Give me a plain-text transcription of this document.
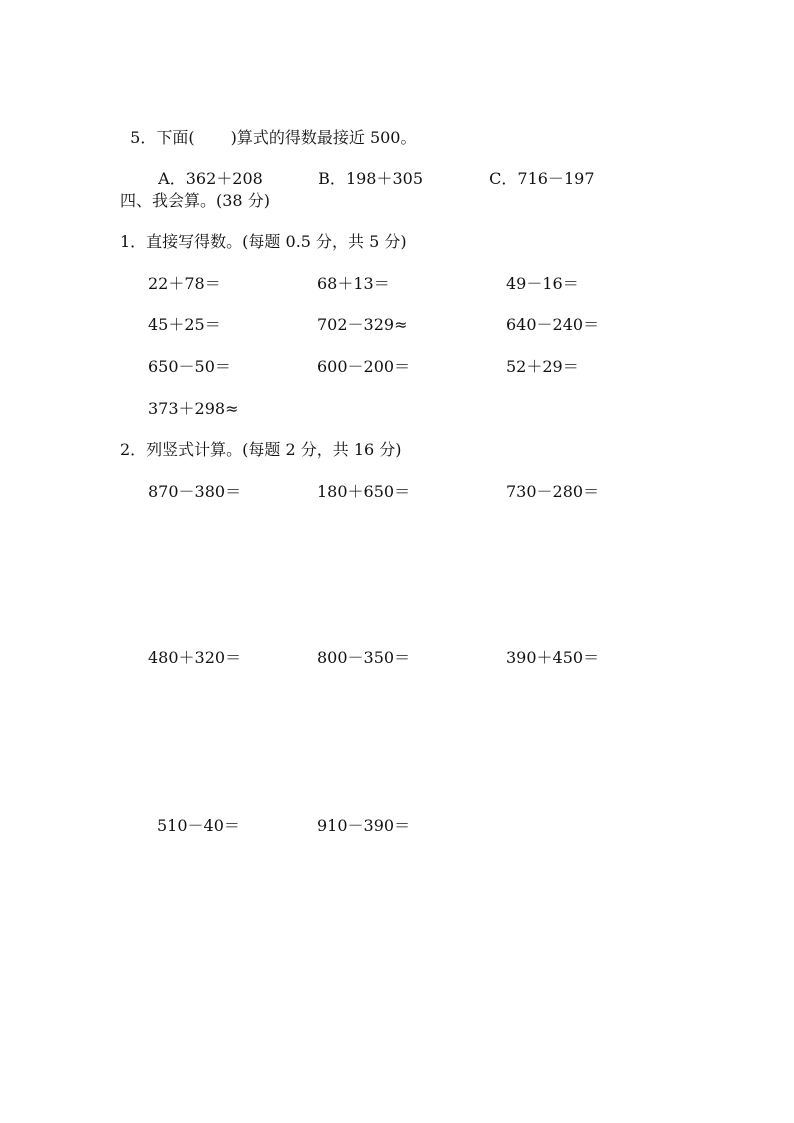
5．下面( )算式的得数最接近 500。

A．362＋208	B．198＋305	C．716－197

四、我会算。(38 分)
1．直接写得数。(每题 0.5 分，共 5 分)
22＋78＝	68＋13＝	49－16＝
45＋25＝	702－329≈	640－240＝
650－50＝	600－200＝	52＋29＝
373＋298≈
2．列竖式计算。(每题 2 分，共 16 分)
870－380＝	180＋650＝	730－280＝
480＋320＝	800－350＝	390＋450＝
510－40＝	910－390＝
